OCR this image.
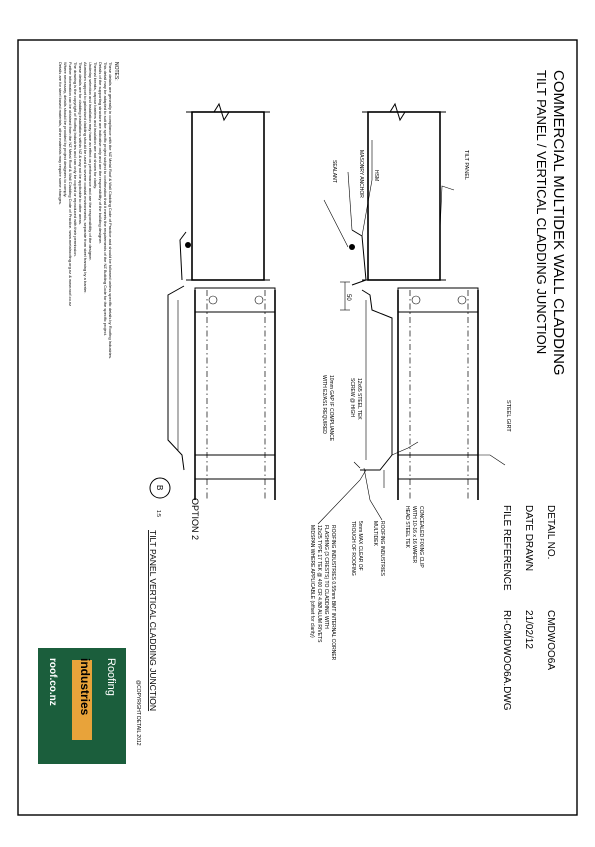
COMMERCIAL MULTIDEK WALL CLADDING
TILT PANEL / VERTICAL CLADDING JUNCTION
DETAIL NO.
CMDWOO6A
DATE DRAWN
21/02/12
FILE REFERENCE
RI-CMDWOO6A.DWG
TILT PANEL
STEEL GIRT
HSM
MASONRY ANCHOR
SEALANT
50
12x65 STEEL TEK
SCREW @ HIGH
10mm GAP IF COMPLIANCE
WITH E2/AS1 REQUIRED
CONCEALED FIXING CLIP
WITH 10-16 x 16 WAFER
HEAD STEEL TEK
ROOFING INDUSTRIES
MULTIDEK
5mm MAX CLEAR OF
TROUGH OF ROOFING
ROOFING INDUSTRIES 0.55mm BMT INTERNAL CORNER
FLASHING (3 CRESTS) TO CLADDING WITH
12x25 TYPE 17 TEK @ 400 CR 4.8Ø ALUM RIVETS
MIDSPAN WHERE APPLICABLE (offset for clarity)
OPTION 2
B
1:5
TILT PANEL VERTICAL CLADDING JUNCTION
@COPYRIGHT DETAIL 2012
NOTES:
These details are generally in compliance with the NZ Metal Roof & Wall Cladding Code of Practice and should be followed unless specific details by Roofing Industries.
This detail may be adapted to suit the specific project subject to confirmation that it meets the requirements of the NZ Building Code for the specific project.
Details of the supporting structure are indicative only and are the responsibility of the building designer.
Thermal breaks, vapour barriers and insulation are not shown for clarity.
Underlay selection and installation may have an effect on performance and are the responsibility of the designer.
Aluminium support to galvanised cladding should be used in severe coastal environments, separate from steel framing by a barrier.
These details are for cladding installations within NZ & may not be applicable to other areas.
The drawing is the copyright of Roofing Industries and can only be copied or reproduced with their permission.
Further information can be obtained from the NZ Metal Roof & Wall Cladding Code of Practice. www.metalroofing.org.nz & www.roof.co.nz
Where necessary, details should be provided by project designers to comply.
Details are for steel based materials, other materials may require some changes.
Roofing
industries
roof.co.nz
